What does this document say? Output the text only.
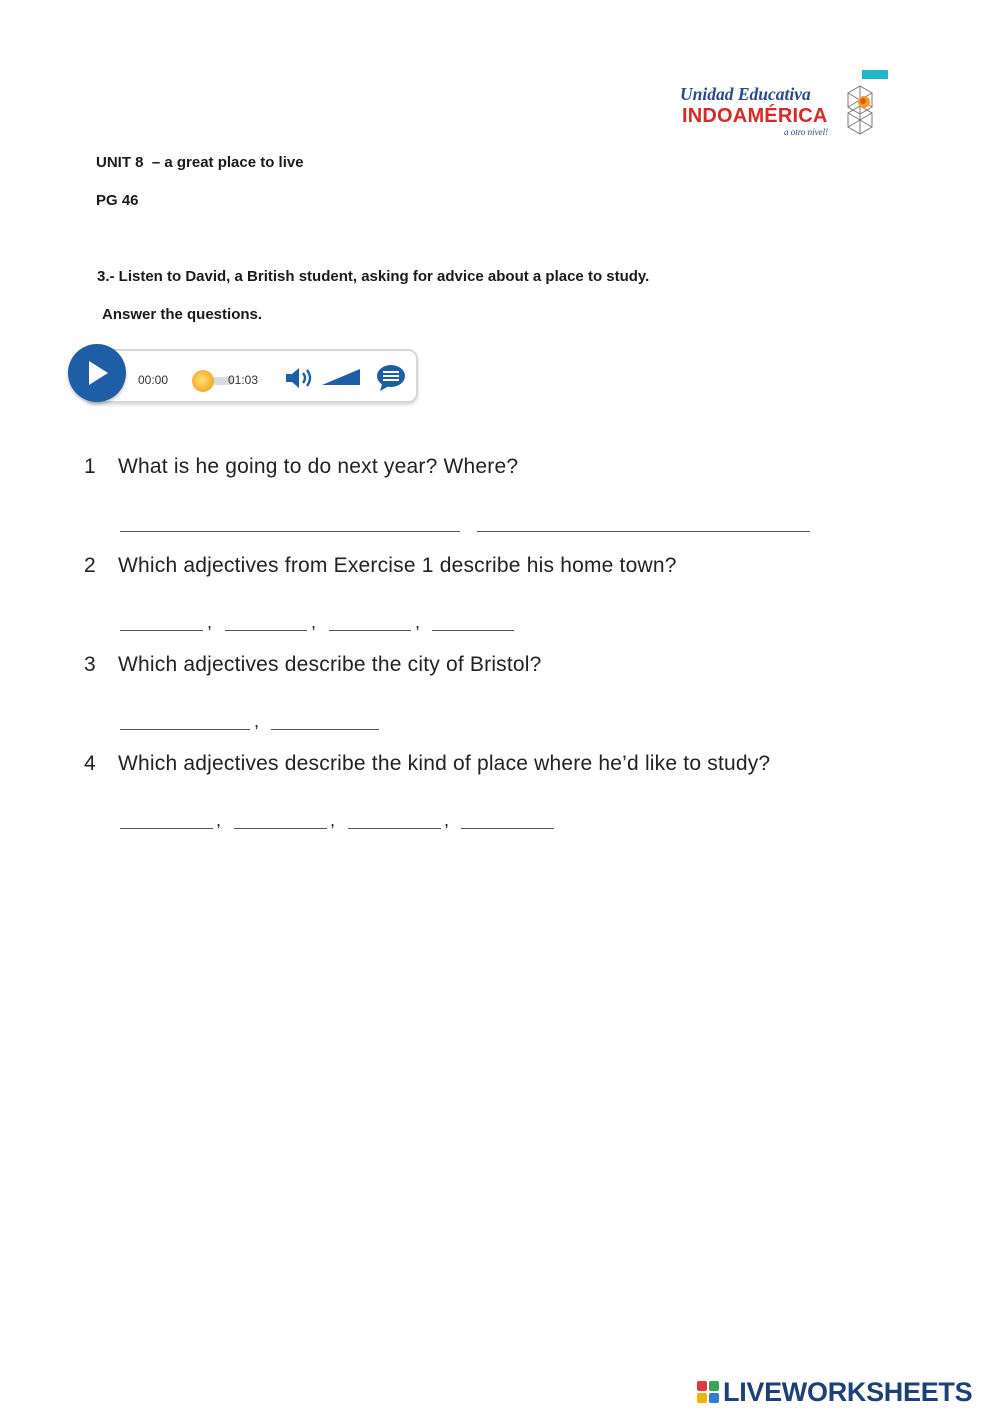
Unidad Educativa
INDOAMÉRICA
a otro nivel!
UNIT 8  – a great place to live
PG 46
3.- Listen to David, a British student, asking for advice about a place to study.
Answer the questions.
00:00	01:03
1 What is he going to do next year? Where?
2 Which adjectives from Exercise 1 describe his home town?
,	,	,
3 Which adjectives describe the city of Bristol?
,
4 Which adjectives describe the kind of place where he’d like to study?
,	,	,
LIVEWORKSHEETS
